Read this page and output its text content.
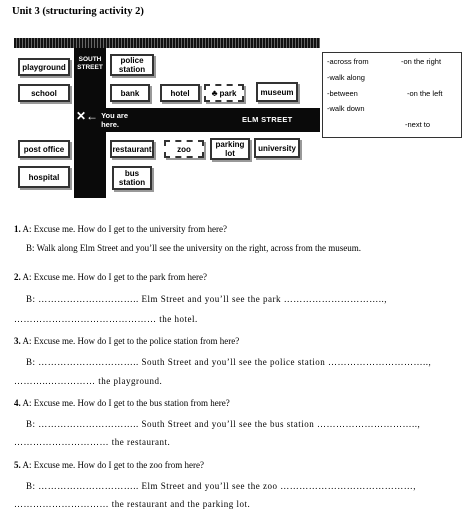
Unit 3 (structuring activity 2)
SOUTH STREET
✕← You are here.
ELM STREET
playground
school
police station
bank	hotel	♣ park	museum
post office
hospital
restaurant	zoo	parking lot
university
bus station
-across from	-on the right
-walk along
-between	-on the left
-walk down
-next to
1. A: Excuse me. How do I get to the university from here?
B: Walk along Elm Street and you’ll see the university on the right, across from the museum.
2. A: Excuse me. How do I get to the park from here?
B: ………………………….. Elm Street and you’ll see the park …………………………..,
……………………………………… the hotel.
3. A: Excuse me. How do I get to the police station from here?
B: ………………………….. South Street and you’ll see the police station …………………………..,
………..…………… the playground.
4. A: Excuse me. How do I get to the bus station from here?
B: ………………………….. South Street and you’ll see the bus station …………………………..,
………………………… the restaurant.
5. A: Excuse me. How do I get to the zoo from here?
B: ………………………….. Elm Street and you’ll see the zoo ……………………………………,
………………………… the restaurant and the parking lot.
